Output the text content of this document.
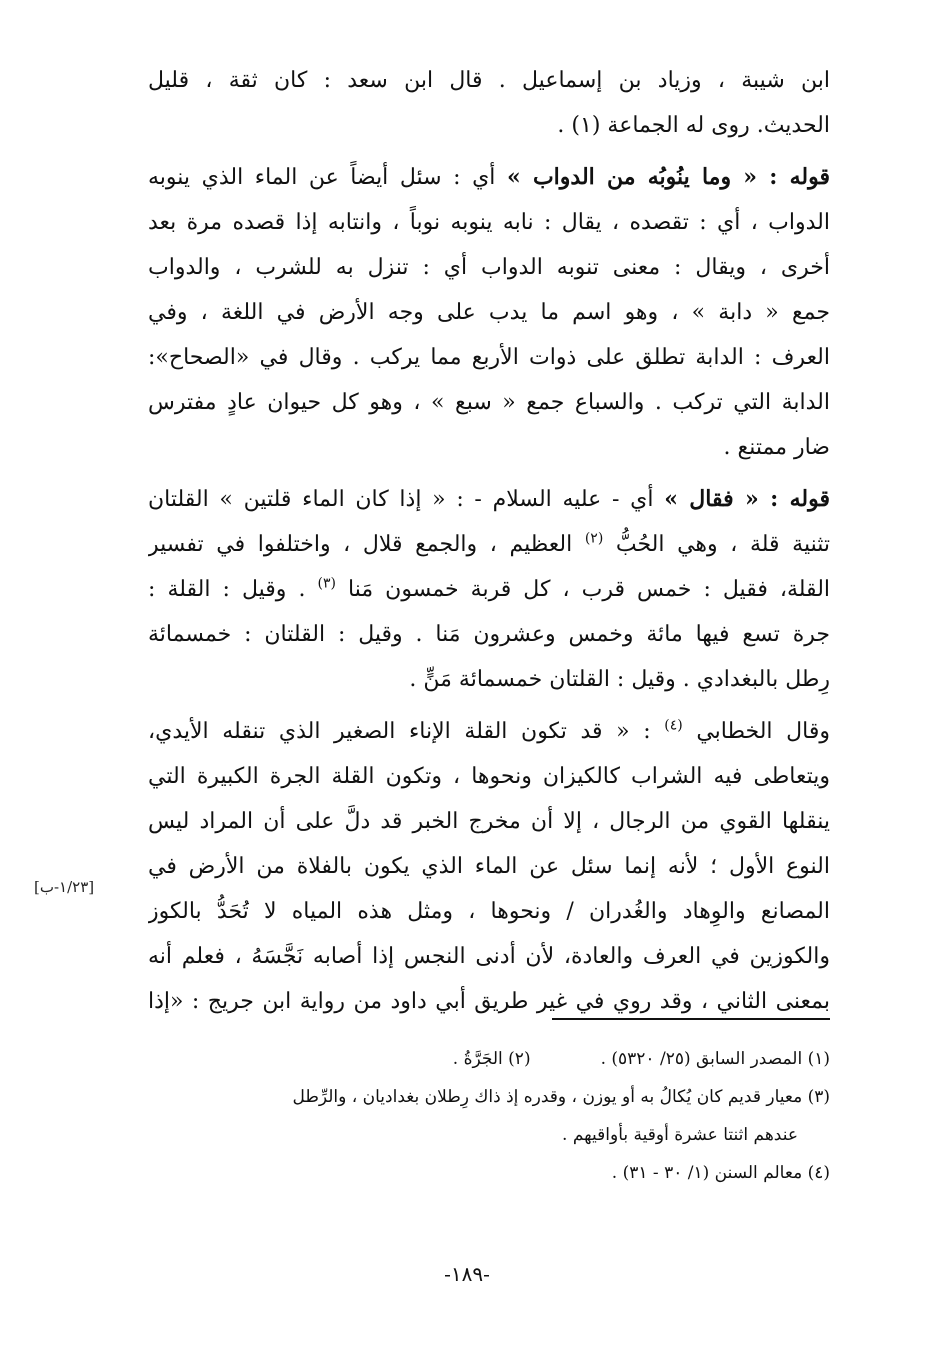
ابن شيبة ، وزياد بن إسماعيل . قال ابن سعد : كان ثقة ، قليل
الحديث. روى له الجماعة (١) .

قوله : « وما ينُوبُه من الدواب » أي : سئل أيضاً عن الماء الذي ينوبه
الدواب ، أي : تقصده ، يقال : نابه ينوبه نوباً ، وانتابه إذا قصده مرة بعد
أخرى ، ويقال : معنى تنوبه الدواب أي : تنزل به للشرب ، والدواب
جمع « دابة » ، وهو اسم ما يدب على وجه الأرض في اللغة ، وفي
العرف : الدابة تطلق على ذوات الأربع مما يركب . وقال في «الصحاح»:
الدابة التي تركب . والسباع جمع « سبع » ، وهو كل حيوان عادٍ مفترس
ضار ممتنع .

قوله : « فقال » أي - عليه السلام - : « إذا كان الماء قلتين » القلتان
تثنية قلة ، وهي الحُبُّ $^{(٢)}$ العظيم ، والجمع قلال ، واختلفوا في تفسير
القلة، فقيل : خمس قرب ، كل قربة خمسون مَنا $^{(٣)}$ . وقيل : القلة :
جرة تسع فيها مائة وخمس وعشرون مَنا . وقيل : القلتان : خمسمائة
رِطل بالبغدادي . وقيل : القلتان خمسمائة مَنٍّ .

وقال الخطابي $^{(٤)}$ : « قد تكون القلة الإناء الصغير الذي تنقله الأيدي،
ويتعاطى فيه الشراب كالكيزان ونحوها ، وتكون القلة الجرة الكبيرة التي
ينقلها القوي من الرجال ، إلا أن مخرج الخبر قد دلَّ على أن المراد ليس
النوع الأول ؛ لأنه إنما سئل عن الماء الذي يكون بالفلاة من الأرض في
المصانع والوِهاد والغُدران / ونحوها ، ومثل هذه المياه لا تُحَدُّ بالكوز
والكوزين في العرف والعادة، لأن أدنى النجس إذا أصابه نَجَّسَهُ ، فعلم أنه
بمعنى الثاني ، وقد روي في غير طريق أبي داود من رواية ابن جريج : «إذا

[١/٢٣-ب]
(١) المصدر السابق (٢٥/ ٥٣٢٠) .
(٢) الجَرَّةُ .
(٣) معيار قديم كان يُكالُ به أو يوزن ، وقدره إذ ذاك رِطلان بغداديان ، والرِّطل
عندهم اثنتا عشرة أوقية بأواقيهم .
(٤) معالم السنن (١/ ٣٠ - ٣١) .
-١٨٩-
